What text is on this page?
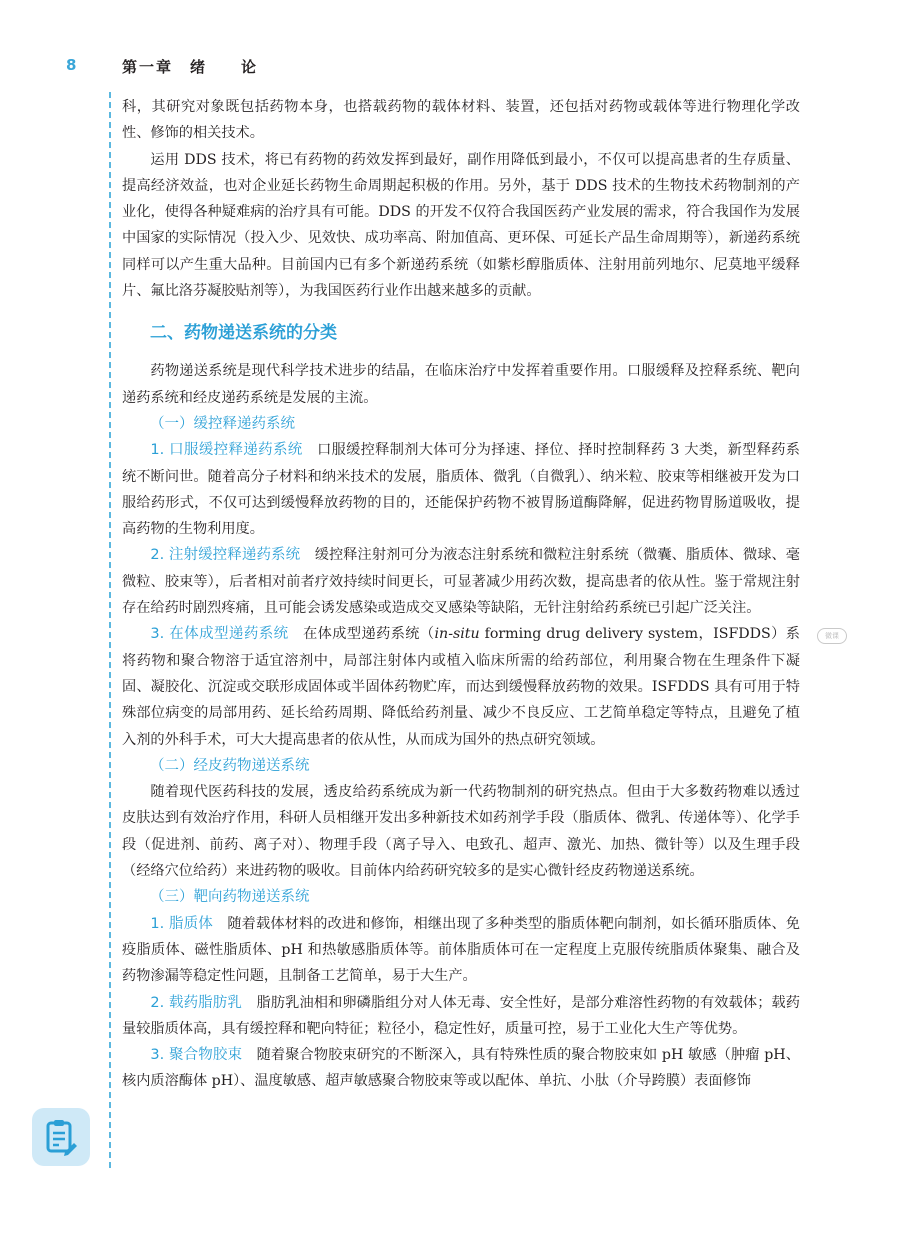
8	第一章　绪　　论

科，其研究对象既包括药物本身，也搭载药物的载体材料、装置，还包括对药物或载体等进行物理化学改性、修饰的相关技术。

运用 DDS 技术，将已有药物的药效发挥到最好，副作用降低到最小，不仅可以提高患者的生存质量、提高经济效益，也对企业延长药物生命周期起积极的作用。另外，基于 DDS 技术的生物技术药物制剂的产业化，使得各种疑难病的治疗具有可能。DDS 的开发不仅符合我国医药产业发展的需求，符合我国作为发展中国家的实际情况（投入少、见效快、成功率高、附加值高、更环保、可延长产品生命周期等），新递药系统同样可以产生重大品种。目前国内已有多个新递药系统（如紫杉醇脂质体、注射用前列地尔、尼莫地平缓释片、氟比洛芬凝胶贴剂等），为我国医药行业作出越来越多的贡献。

二、药物递送系统的分类

药物递送系统是现代科学技术进步的结晶，在临床治疗中发挥着重要作用。口服缓释及控释系统、靶向递药系统和经皮递药系统是发展的主流。

（一）缓控释递药系统

1. 口服缓控释递药系统 口服缓控释制剂大体可分为择速、择位、择时控制释药 3 大类，新型释药系统不断问世。随着高分子材料和纳米技术的发展，脂质体、微乳（自微乳）、纳米粒、胶束等相继被开发为口服给药形式，不仅可达到缓慢释放药物的目的，还能保护药物不被胃肠道酶降解，促进药物胃肠道吸收，提高药物的生物利用度。

2. 注射缓控释递药系统 缓控释注射剂可分为液态注射系统和微粒注射系统（微囊、脂质体、微球、毫微粒、胶束等），后者相对前者疗效持续时间更长，可显著减少用药次数，提高患者的依从性。鉴于常规注射存在给药时剧烈疼痛，且可能会诱发感染或造成交叉感染等缺陷，无针注射给药系统已引起广泛关注。

3. 在体成型递药系统 在体成型递药系统（in-situ forming drug delivery system，ISFDDS）系将药物和聚合物溶于适宜溶剂中，局部注射体内或植入临床所需的给药部位，利用聚合物在生理条件下凝固、凝胶化、沉淀或交联形成固体或半固体药物贮库，而达到缓慢释放药物的效果。ISFDDS 具有可用于特殊部位病变的局部用药、延长给药周期、降低给药剂量、减少不良反应、工艺简单稳定等特点，且避免了植入剂的外科手术，可大大提高患者的依从性，从而成为国外的热点研究领域。

（二）经皮药物递送系统

随着现代医药科技的发展，透皮给药系统成为新一代药物制剂的研究热点。但由于大多数药物难以透过皮肤达到有效治疗作用，科研人员相继开发出多种新技术如药剂学手段（脂质体、微乳、传递体等）、化学手段（促进剂、前药、离子对）、物理手段（离子导入、电致孔、超声、激光、加热、微针等）以及生理手段（经络穴位给药）来进药物的吸收。目前体内给药研究较多的是实心微针经皮药物递送系统。

（三）靶向药物递送系统

1. 脂质体 随着载体材料的改进和修饰，相继出现了多种类型的脂质体靶向制剂，如长循环脂质体、免疫脂质体、磁性脂质体、pH 和热敏感脂质体等。前体脂质体可在一定程度上克服传统脂质体聚集、融合及药物渗漏等稳定性问题，且制备工艺简单，易于大生产。

2. 载药脂肪乳 脂肪乳油相和卵磷脂组分对人体无毒、安全性好，是部分难溶性药物的有效载体；载药量较脂质体高，具有缓控释和靶向特征；粒径小，稳定性好，质量可控，易于工业化大生产等优势。

3. 聚合物胶束 随着聚合物胶束研究的不断深入，具有特殊性质的聚合物胶束如 pH 敏感（肿瘤 pH、核内质溶酶体 pH）、温度敏感、超声敏感聚合物胶束等或以配体、单抗、小肽（介导跨膜）表面修饰

微课
